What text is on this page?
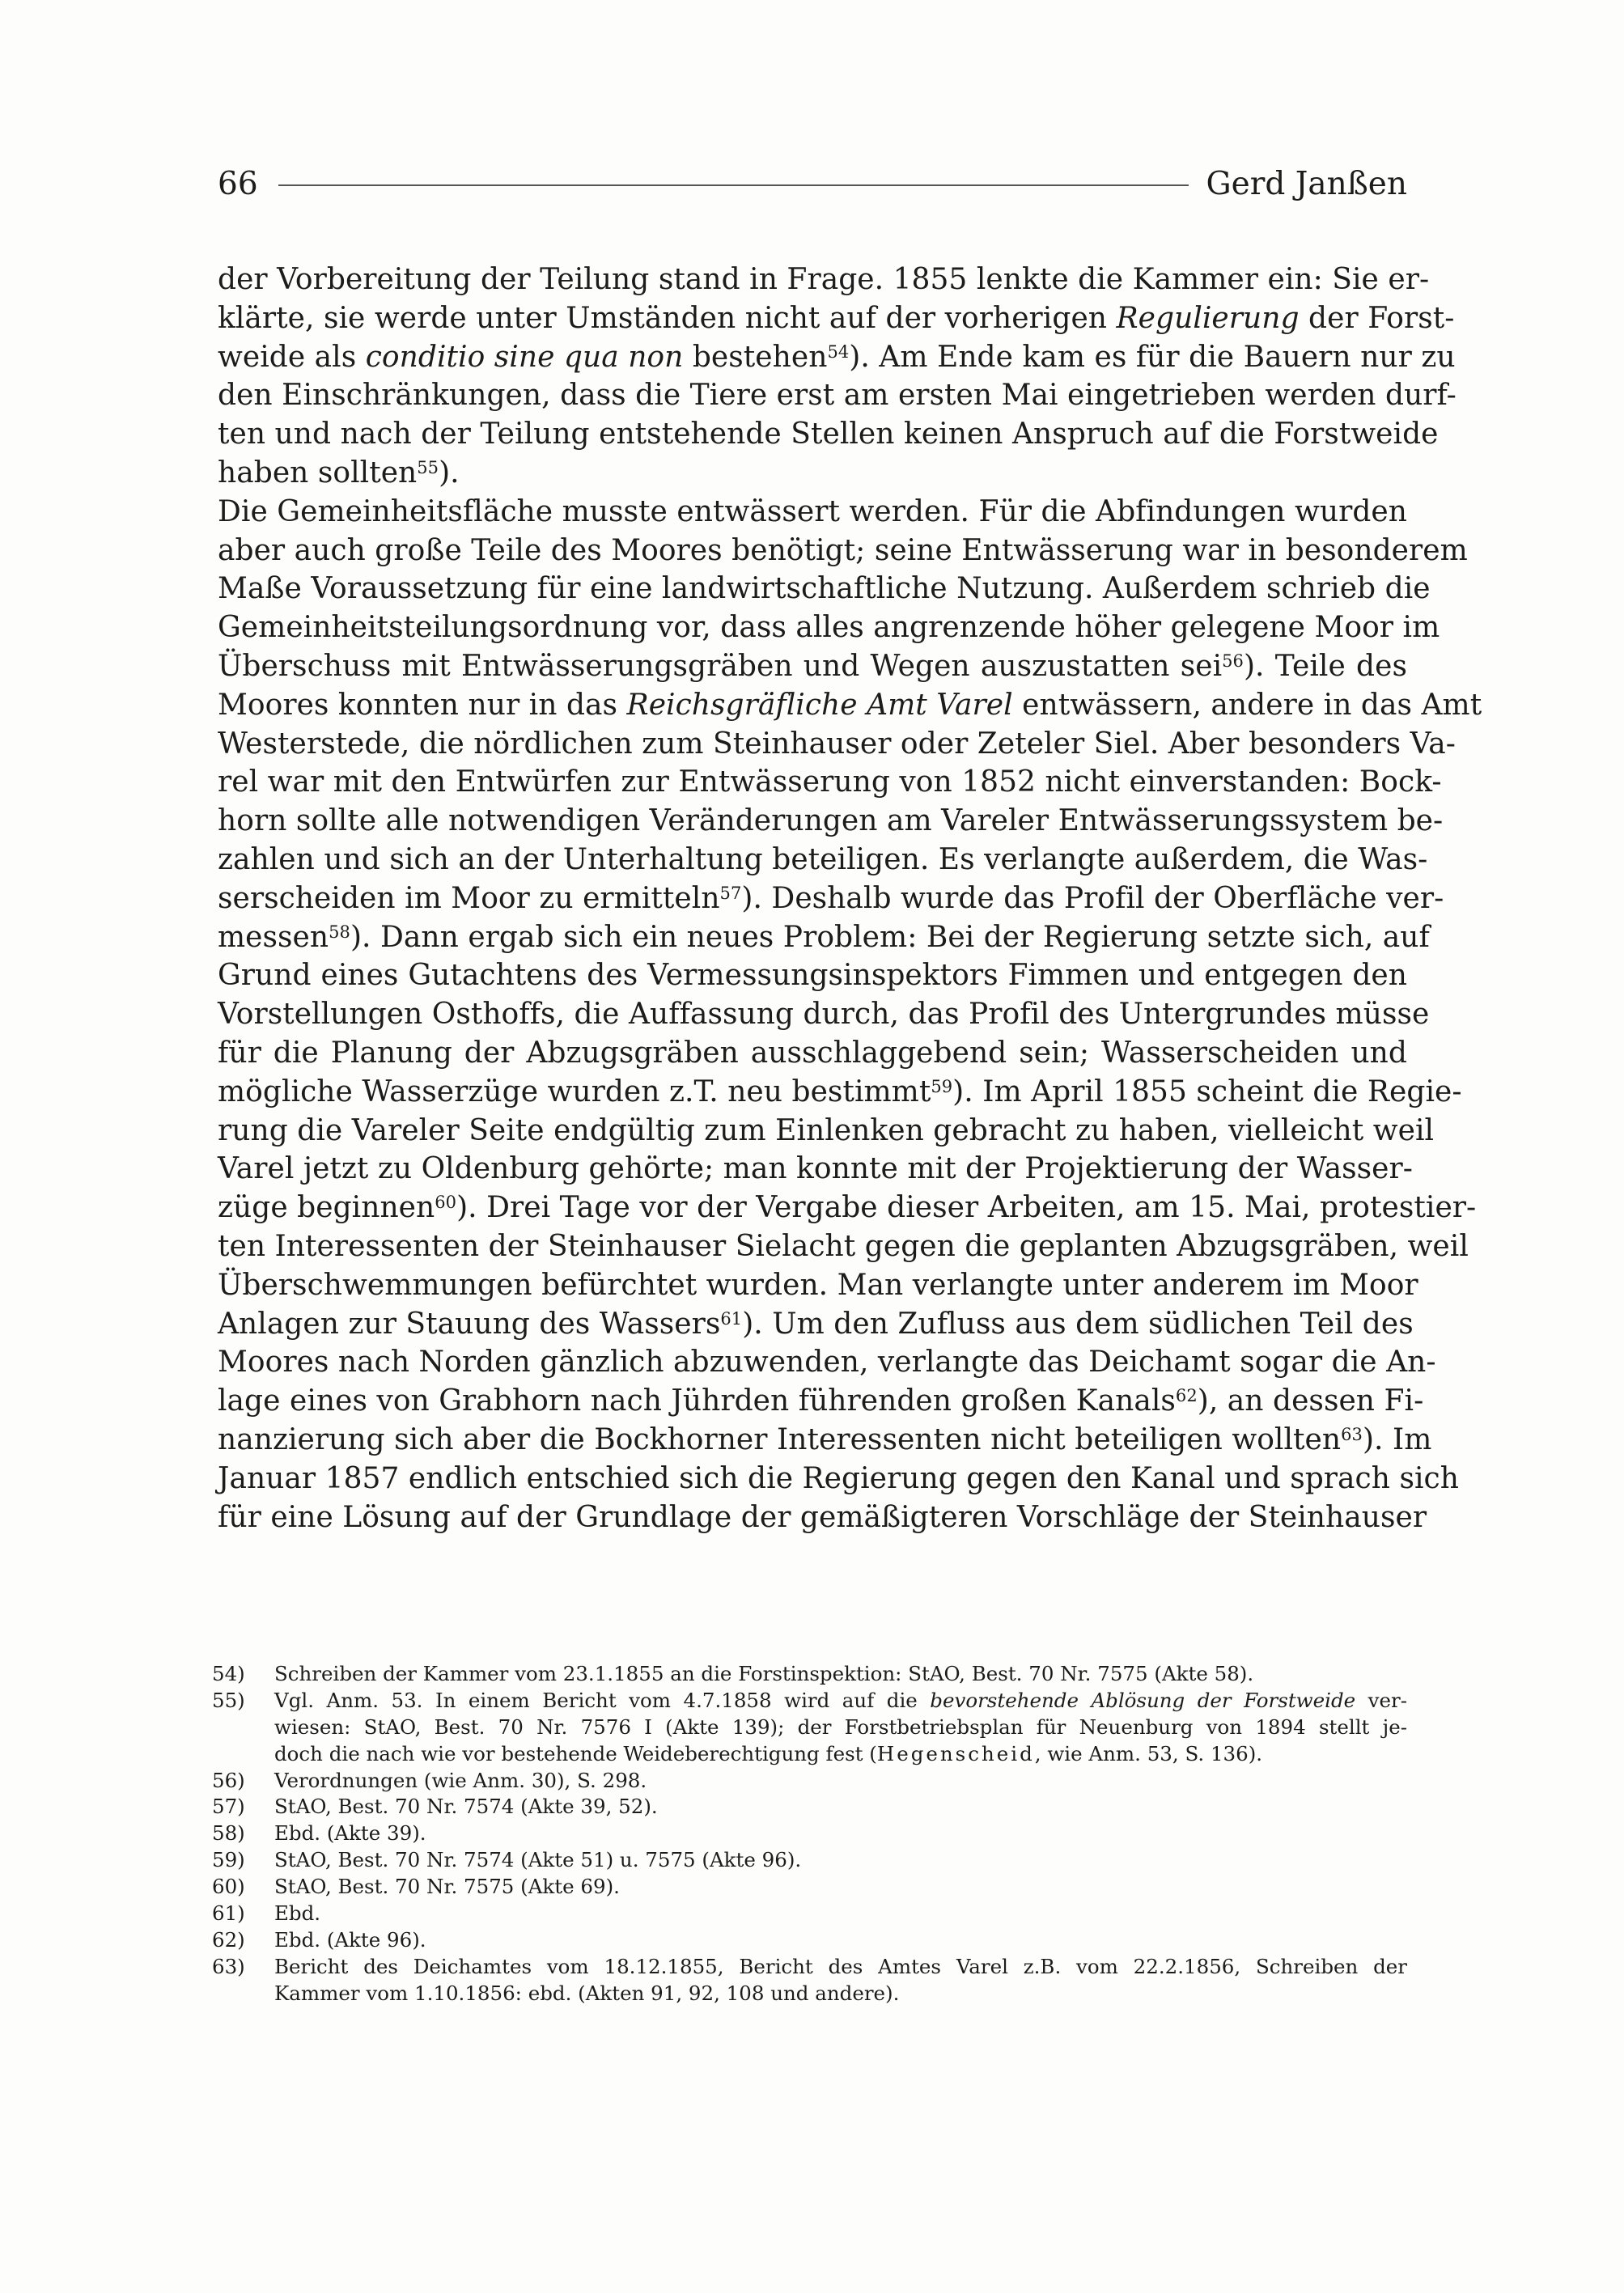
66	Gerd Janßen
der Vorbereitung der Teilung stand in Frage. 1855 lenkte die Kammer ein: Sie er-
klärte, sie werde unter Umständen nicht auf der vorherigen Regulierung der Forst-
weide als conditio sine qua non bestehen$^{54}$). Am Ende kam es für die Bauern nur zu
den Einschränkungen, dass die Tiere erst am ersten Mai eingetrieben werden durf-
ten und nach der Teilung entstehende Stellen keinen Anspruch auf die Forstweide
haben sollten$^{55}$).
Die Gemeinheitsfläche musste entwässert werden. Für die Abfindungen wurden
aber auch große Teile des Moores benötigt; seine Entwässerung war in besonderem
Maße Voraussetzung für eine landwirtschaftliche Nutzung. Außerdem schrieb die
Gemeinheitsteilungsordnung vor, dass alles angrenzende höher gelegene Moor im
Überschuss mit Entwässerungsgräben und Wegen auszustatten sei$^{56}$). Teile des
Moores konnten nur in das Reichsgräfliche Amt Varel entwässern, andere in das Amt
Westerstede, die nördlichen zum Steinhauser oder Zeteler Siel. Aber besonders Va-
rel war mit den Entwürfen zur Entwässerung von 1852 nicht einverstanden: Bock-
horn sollte alle notwendigen Veränderungen am Vareler Entwässerungssystem be-
zahlen und sich an der Unterhaltung beteiligen. Es verlangte außerdem, die Was-
serscheiden im Moor zu ermitteln$^{57}$). Deshalb wurde das Profil der Oberfläche ver-
messen$^{58}$). Dann ergab sich ein neues Problem: Bei der Regierung setzte sich, auf
Grund eines Gutachtens des Vermessungsinspektors Fimmen und entgegen den
Vorstellungen Osthoffs, die Auffassung durch, das Profil des Untergrundes müsse
für die Planung der Abzugsgräben ausschlaggebend sein; Wasserscheiden und
mögliche Wasserzüge wurden z.T. neu bestimmt$^{59}$). Im April 1855 scheint die Regie-
rung die Vareler Seite endgültig zum Einlenken gebracht zu haben, vielleicht weil
Varel jetzt zu Oldenburg gehörte; man konnte mit der Projektierung der Wasser-
züge beginnen$^{60}$). Drei Tage vor der Vergabe dieser Arbeiten, am 15. Mai, protestier-
ten Interessenten der Steinhauser Sielacht gegen die geplanten Abzugsgräben, weil
Überschwemmungen befürchtet wurden. Man verlangte unter anderem im Moor
Anlagen zur Stauung des Wassers$^{61}$). Um den Zufluss aus dem südlichen Teil des
Moores nach Norden gänzlich abzuwenden, verlangte das Deichamt sogar die An-
lage eines von Grabhorn nach Jührden führenden großen Kanals$^{62}$), an dessen Fi-
nanzierung sich aber die Bockhorner Interessenten nicht beteiligen wollten$^{63}$). Im
Januar 1857 endlich entschied sich die Regierung gegen den Kanal und sprach sich
für eine Lösung auf der Grundlage der gemäßigteren Vorschläge der Steinhauser
54)	Schreiben der Kammer vom 23.1.1855 an die Forstinspektion: StAO, Best. 70 Nr. 7575 (Akte 58).
55)	Vgl. Anm. 53. In einem Bericht vom 4.7.1858 wird auf die bevorstehende Ablösung der Forstweide ver-
wiesen: StAO, Best. 70 Nr. 7576 I (Akte 139); der Forstbetriebsplan für Neuenburg von 1894 stellt je-
doch die nach wie vor bestehende Weideberechtigung fest (Hegenscheid, wie Anm. 53, S. 136).
56)	Verordnungen (wie Anm. 30), S. 298.
57)	StAO, Best. 70 Nr. 7574 (Akte 39, 52).
58)	Ebd. (Akte 39).
59)	StAO, Best. 70 Nr. 7574 (Akte 51) u. 7575 (Akte 96).
60)	StAO, Best. 70 Nr. 7575 (Akte 69).
61)	Ebd.
62)	Ebd. (Akte 96).
63)	Bericht des Deichamtes vom 18.12.1855, Bericht des Amtes Varel z.B. vom 22.2.1856, Schreiben der
Kammer vom 1.10.1856: ebd. (Akten 91, 92, 108 und andere).
